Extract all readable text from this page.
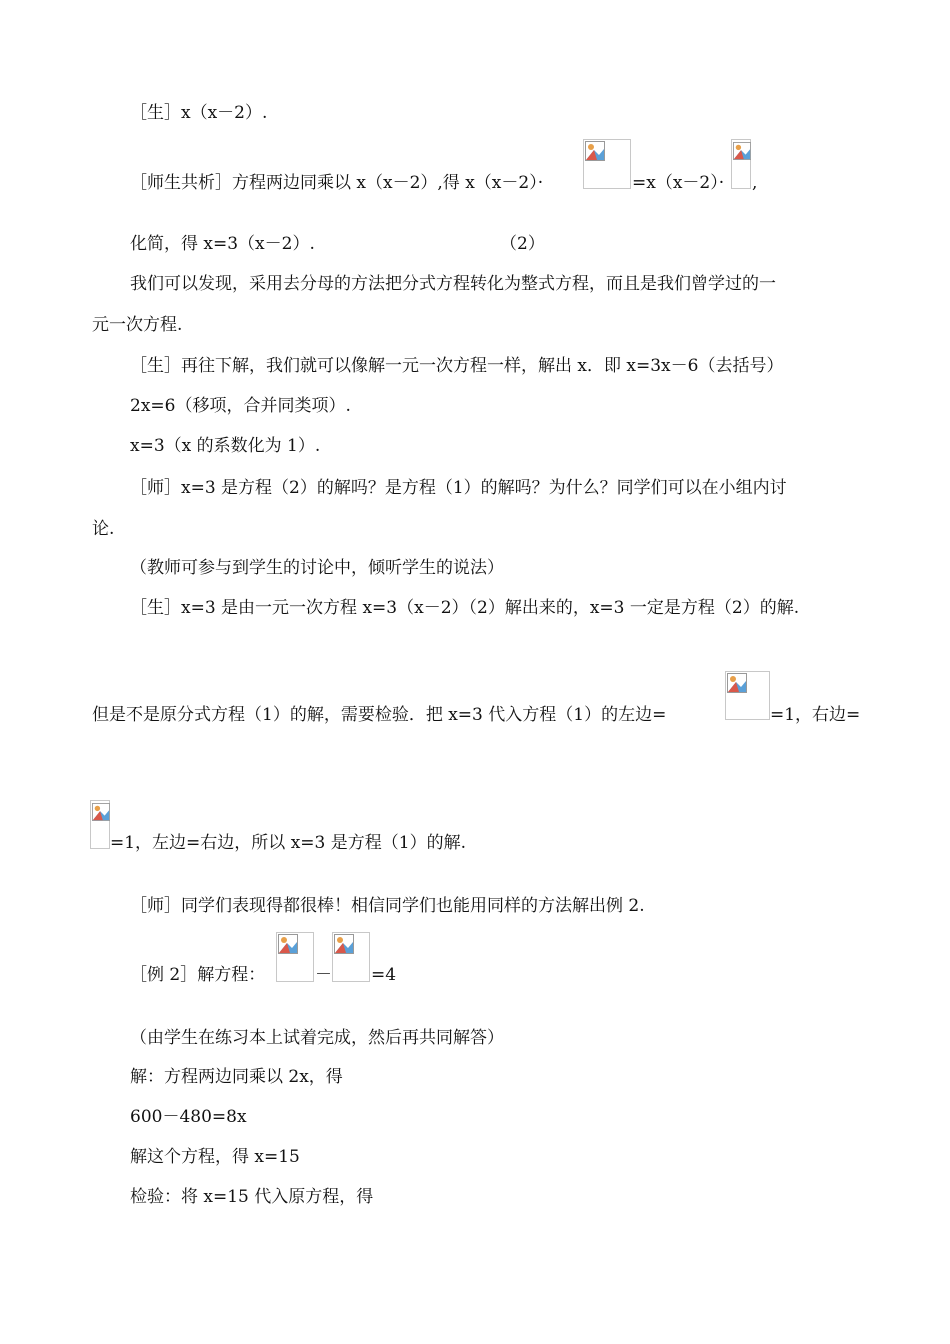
［生］x（x－2）.
［师生共析］方程两边同乘以 x（x－2）,得 x（x－2）·	=x（x－2）· ,
化简，得 x=3（x－2）.	（2）
我们可以发现，采用去分母的方法把分式方程转化为整式方程，而且是我们曾学过的一
元一次方程.
［生］再往下解，我们就可以像解一元一次方程一样，解出 x．即 x=3x－6（去括号）
2x=6（移项，合并同类项）.
x=3（x 的系数化为 1）.
［师］x=3 是方程（2）的解吗？是方程（1）的解吗？为什么？同学们可以在小组内讨
论.
（教师可参与到学生的讨论中，倾听学生的说法）
［生］x=3 是由一元一次方程 x=3（x－2）（2）解出来的，x=3 一定是方程（2）的解.
但是不是原分式方程（1）的解，需要检验．把 x=3 代入方程（1）的左边=	=1，右边=
=1，左边=右边，所以 x=3 是方程（1）的解.
［师］同学们表现得都很棒！相信同学们也能用同样的方法解出例 2.
［例 2］解方程：	－ =4
（由学生在练习本上试着完成，然后再共同解答）
解：方程两边同乘以 2x，得
600－480=8x
解这个方程，得 x=15
检验：将 x=15 代入原方程，得
